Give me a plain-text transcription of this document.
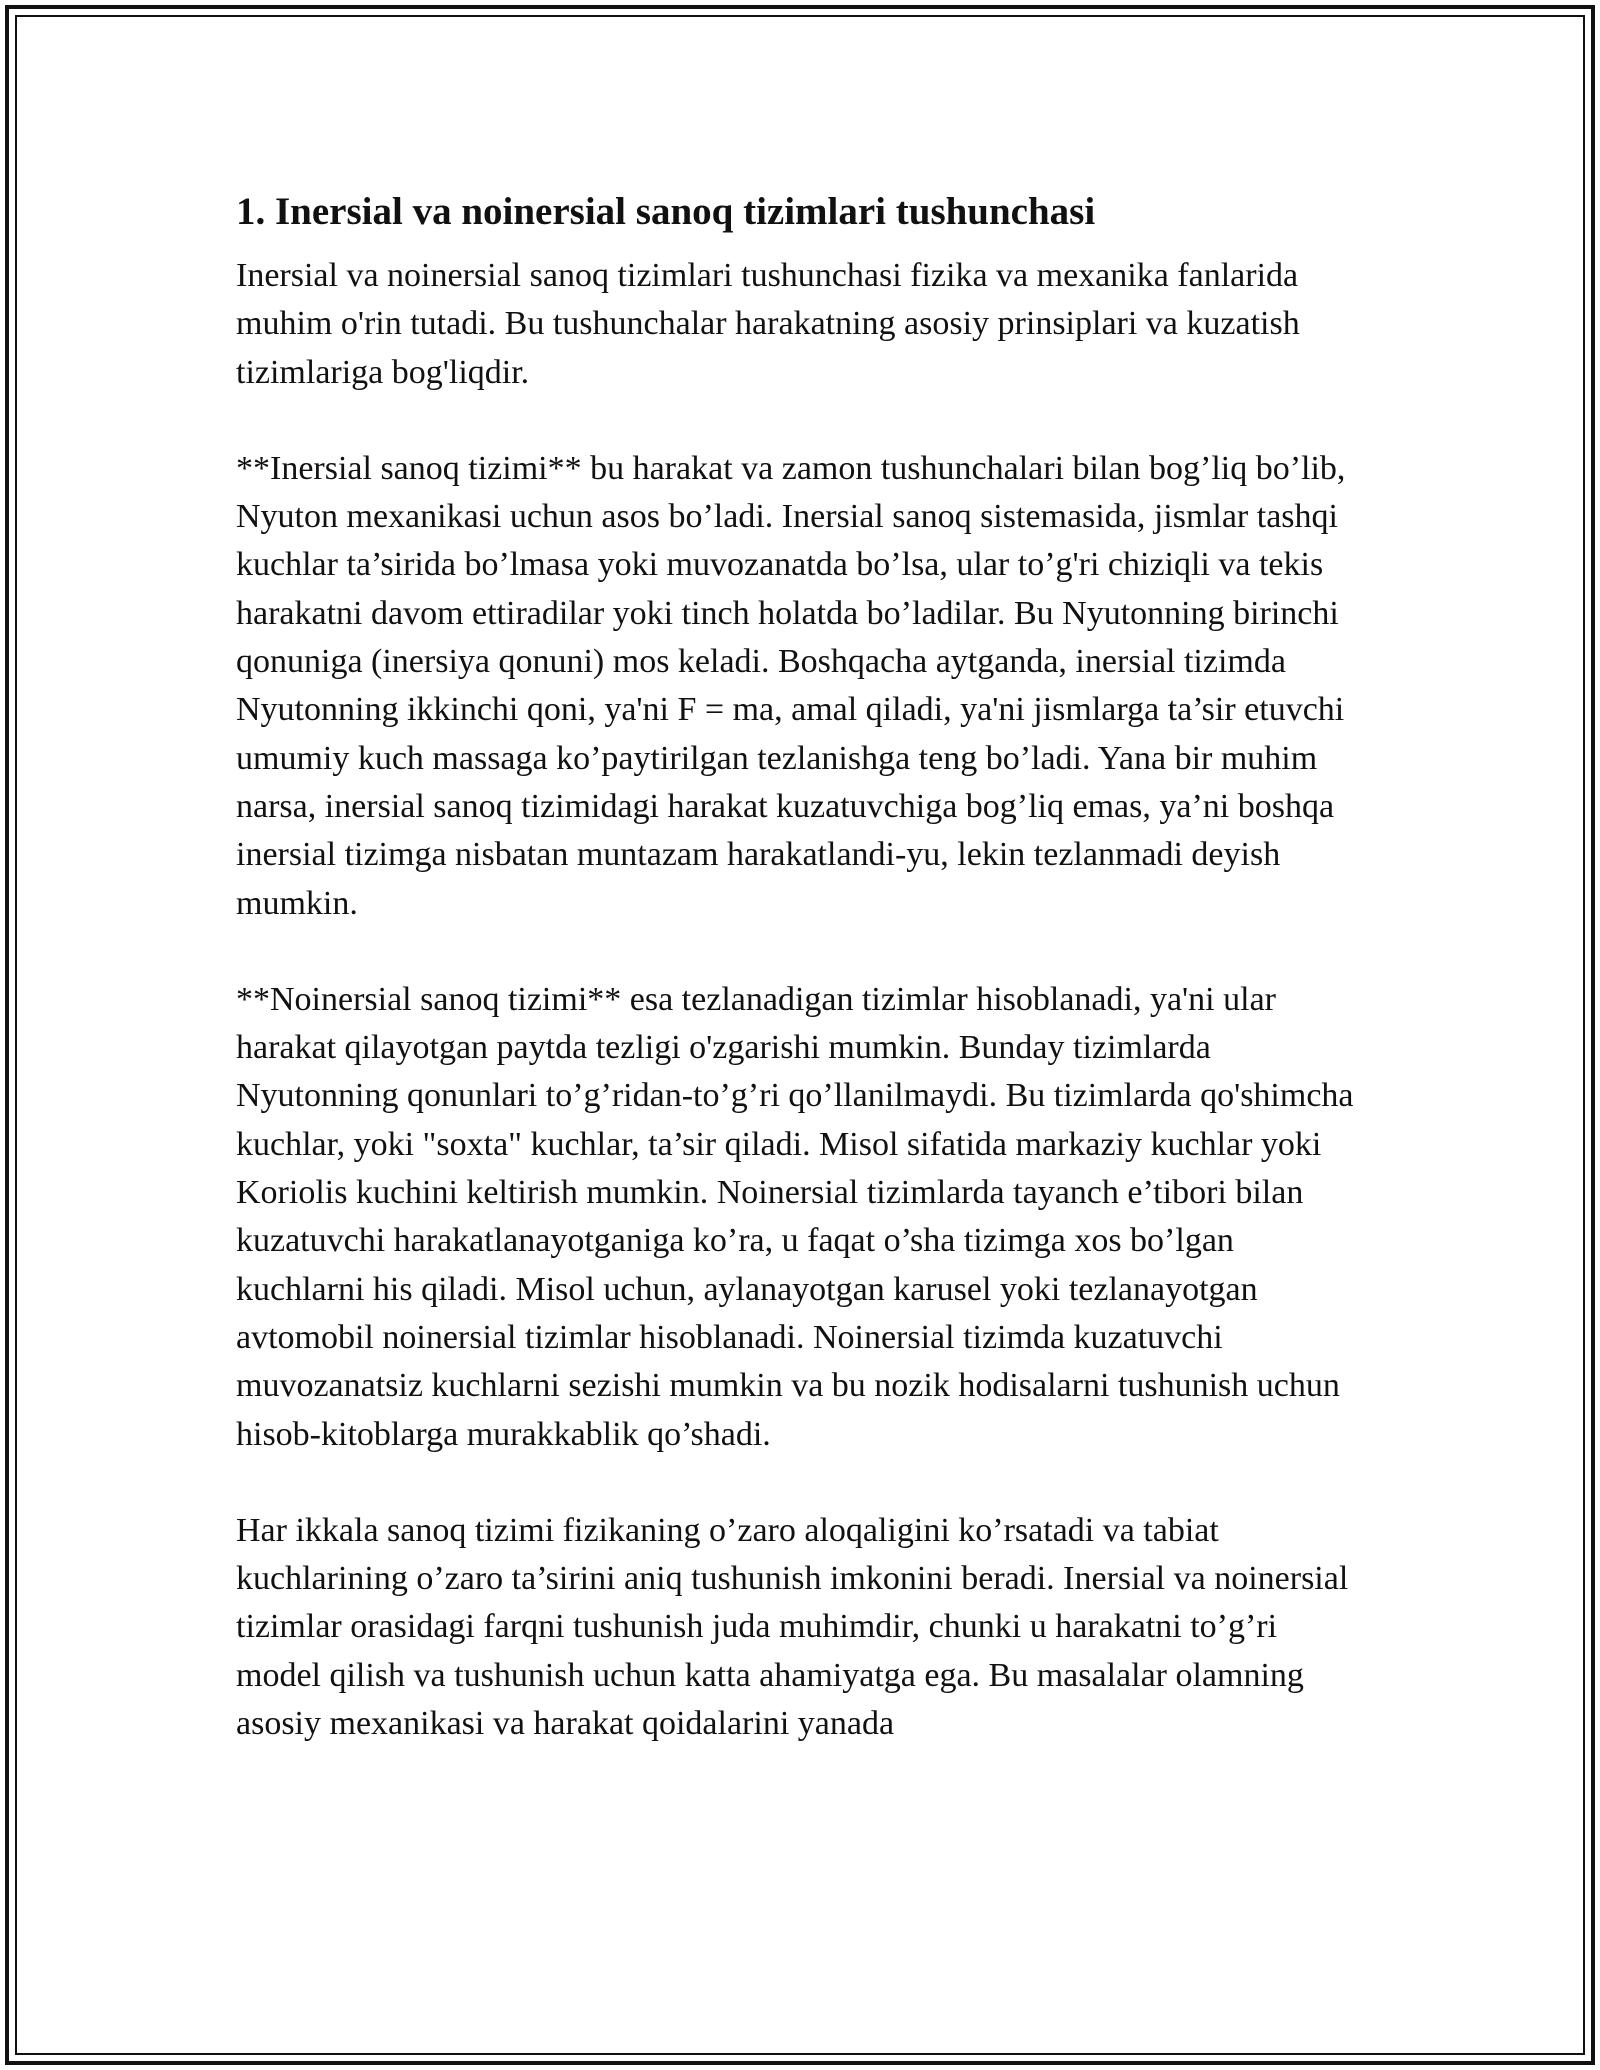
1. Inersial va noinersial sanoq tizimlari tushunchasi

Inersial va noinersial sanoq tizimlari tushunchasi fizika va mexanika fanlarida muhim o'rin tutadi. Bu tushunchalar harakatning asosiy prinsiplari va kuzatish tizimlariga bog'liqdir.

**Inersial sanoq tizimi** bu harakat va zamon tushunchalari bilan bog’liq bo’lib, Nyuton mexanikasi uchun asos bo’ladi. Inersial sanoq sistemasida, jismlar tashqi kuchlar ta’sirida bo’lmasa yoki muvozanatda bo’lsa, ular to’g'ri chiziqli va tekis harakatni davom ettiradilar yoki tinch holatda bo’ladilar. Bu Nyutonning birinchi qonuniga (inersiya qonuni) mos keladi. Boshqacha aytganda, inersial tizimda Nyutonning ikkinchi qoni, ya'ni F = ma, amal qiladi, ya'ni jismlarga ta’sir etuvchi umumiy kuch massaga ko’paytirilgan tezlanishga teng bo’ladi. Yana bir muhim narsa, inersial sanoq tizimidagi harakat kuzatuvchiga bog’liq emas, ya’ni boshqa inersial tizimga nisbatan muntazam harakatlandi-yu, lekin tezlanmadi deyish mumkin.

**Noinersial sanoq tizimi** esa tezlanadigan tizimlar hisoblanadi, ya'ni ular harakat qilayotgan paytda tezligi o'zgarishi mumkin. Bunday tizimlarda Nyutonning qonunlari to’g’ridan-to’g’ri qo’llanilmaydi. Bu tizimlarda qo'shimcha kuchlar, yoki "soxta" kuchlar, ta’sir qiladi. Misol sifatida markaziy kuchlar yoki Koriolis kuchini keltirish mumkin. Noinersial tizimlarda tayanch e’tibori bilan kuzatuvchi harakatlanayotganiga ko’ra, u faqat o’sha tizimga xos bo’lgan kuchlarni his qiladi. Misol uchun, aylanayotgan karusel yoki tezlanayotgan avtomobil noinersial tizimlar hisoblanadi. Noinersial tizimda kuzatuvchi muvozanatsiz kuchlarni sezishi mumkin va bu nozik hodisalarni tushunish uchun hisob-kitoblarga murakkablik qo’shadi.

Har ikkala sanoq tizimi fizikaning o’zaro aloqaligini ko’rsatadi va tabiat kuchlarining o’zaro ta’sirini aniq tushunish imkonini beradi. Inersial va noinersial tizimlar orasidagi farqni tushunish juda muhimdir, chunki u harakatni to’g’ri model qilish va tushunish uchun katta ahamiyatga ega. Bu masalalar olamning asosiy mexanikasi va harakat qoidalarini yanada
